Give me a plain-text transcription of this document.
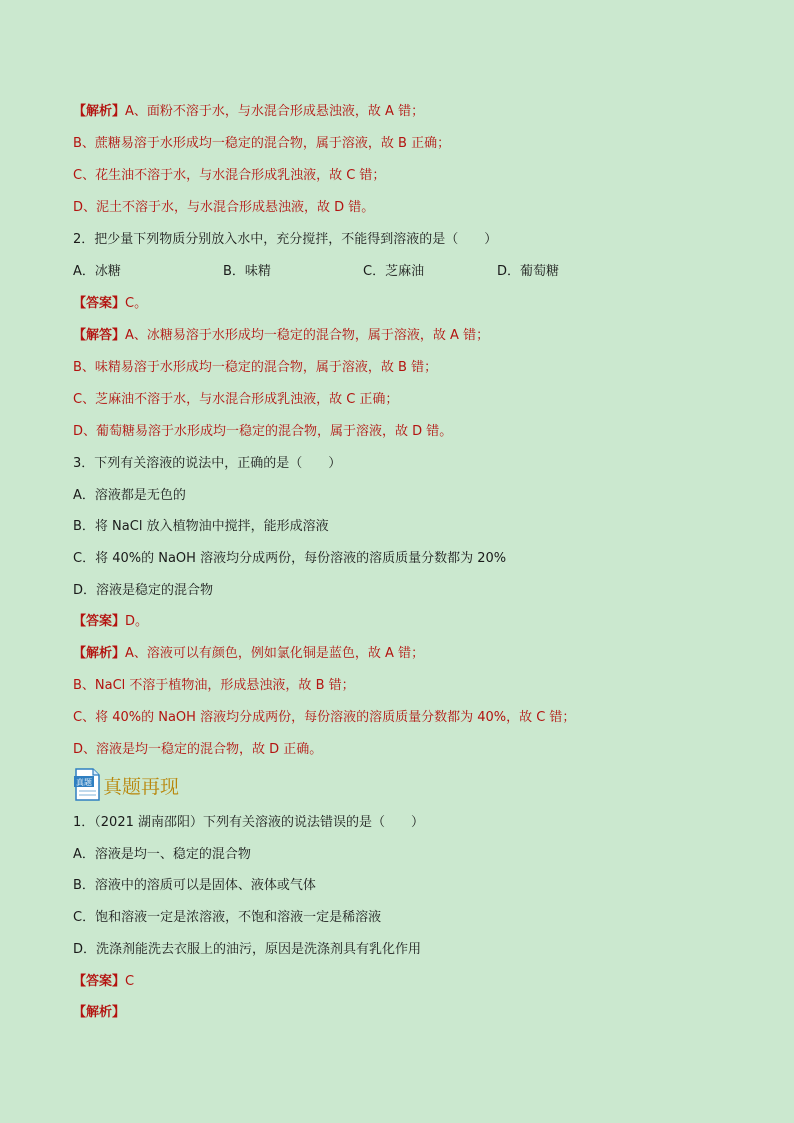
【解析】A、面粉不溶于水，与水混合形成悬浊液，故 A 错；
B、蔗糖易溶于水形成均一稳定的混合物，属于溶液，故 B 正确；
C、花生油不溶于水，与水混合形成乳浊液，故 C 错；
D、泥土不溶于水，与水混合形成悬浊液，故 D 错。
2．把少量下列物质分别放入水中，充分搅拌，不能得到溶液的是（　　）
A．冰糖	B．味精	C．芝麻油	D．葡萄糖
【答案】C。
【解答】A、冰糖易溶于水形成均一稳定的混合物，属于溶液，故 A 错；
B、味精易溶于水形成均一稳定的混合物，属于溶液，故 B 错；
C、芝麻油不溶于水，与水混合形成乳浊液，故 C 正确；
D、葡萄糖易溶于水形成均一稳定的混合物，属于溶液，故 D 错。
3．下列有关溶液的说法中，正确的是（　　）
A．溶液都是无色的
B．将 NaCl 放入植物油中搅拌，能形成溶液
C．将 40%的 NaOH 溶液均分成两份，每份溶液的溶质质量分数都为 20%
D．溶液是稳定的混合物
【答案】D。
【解析】A、溶液可以有颜色，例如氯化铜是蓝色，故 A 错；
B、NaCl 不溶于植物油，形成悬浊液，故 B 错；
C、将 40%的 NaOH 溶液均分成两份，每份溶液的溶质质量分数都为 40%，故 C 错；
D、溶液是均一稳定的混合物，故 D 正确。
真题 真题再现
1．（2021 湖南邵阳）下列有关溶液的说法错误的是（　　）
A．溶液是均一、稳定的混合物
B．溶液中的溶质可以是固体、液体或气体
C．饱和溶液一定是浓溶液，不饱和溶液一定是稀溶液
D．洗涤剂能洗去衣服上的油污，原因是洗涤剂具有乳化作用
【答案】C
【解析】
